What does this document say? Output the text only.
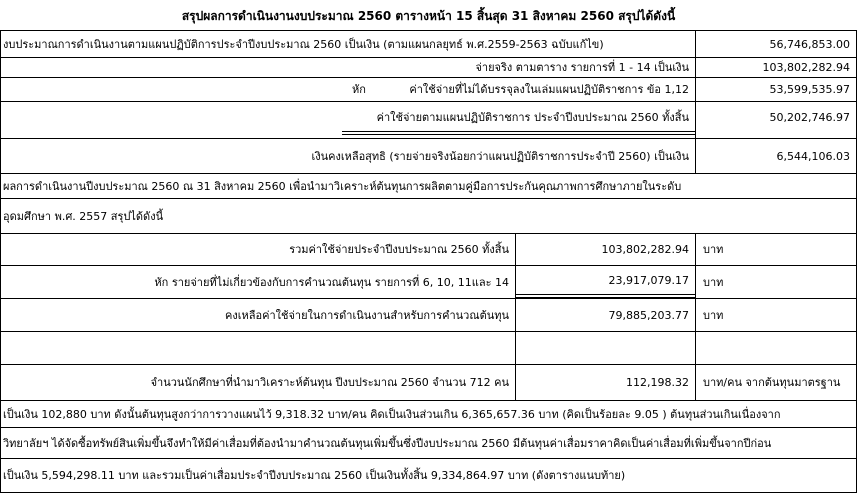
สรุปผลการดำเนินงานงบประมาณ 2560 ตารางหน้า 15 สิ้นสุด 31 สิงหาคม 2560 สรุปได้ดังนี้
งบประมาณการดำเนินงานตามแผนปฏิบัติการประจำปีงบประมาณ 2560 เป็นเงิน (ตามแผนกลยุทธ์ พ.ศ.2559-2563 ฉบับแก้ไข)	56,746,853.00
จ่ายจริง ตามตาราง รายการที่ 1 - 14 เป็นเงิน	103,802,282.94
หัก	ค่าใช้จ่ายที่ไม่ได้บรรจุลงในเล่มแผนปฏิบัติราชการ ข้อ 1,12	53,599,535.97
ค่าใช้จ่ายตามแผนปฏิบัติราชการ ประจำปีงบประมาณ 2560 ทั้งสิ้น	50,202,746.97
เงินคงเหลือสุทธิ (รายจ่ายจริงน้อยกว่าแผนปฏิบัติราชการประจำปี 2560) เป็นเงิน	6,544,106.03
ผลการดำเนินงานปีงบประมาณ 2560 ณ 31 สิงหาคม 2560 เพื่อนำมาวิเคราะห์ต้นทุนการผลิตตามคู่มือการประกันคุณภาพการศึกษาภายในระดับ
อุดมศึกษา พ.ศ. 2557 สรุปได้ดังนี้
รวมค่าใช้จ่ายประจำปีงบประมาณ 2560 ทั้งสิ้น	103,802,282.94	บาท
หัก รายจ่ายที่ไม่เกี่ยวข้องกับการคำนวณต้นทุน รายการที่ 6, 10, 11และ 14	23,917,079.17	บาท
คงเหลือค่าใช้จ่ายในการดำเนินงานสำหรับการคำนวณต้นทุน	79,885,203.77	บาท
จำนวนนักศึกษาที่นำมาวิเคราะห์ต้นทุน ปีงบประมาณ 2560 จำนวน 712 คน	112,198.32	บาท/คน จากต้นทุนมาตรฐาน
เป็นเงิน 102,880 บาท ดังนั้นต้นทุนสูงกว่าการวางแผนไว้ 9,318.32 บาท/คน คิดเป็นเงินส่วนเกิน 6,365,657.36 บาท (คิดเป็นร้อยละ 9.05 ) ต้นทุนส่วนเกินเนื่องจาก
วิทยาลัยฯ ได้จัดซื้อทรัพย์สินเพิ่มขึ้นจึงทำให้มีค่าเสื่อมที่ต้องนำมาคำนวณต้นทุนเพิ่มขึ้นซึ่งปีงบประมาณ 2560 มีต้นทุนค่าเสื่อมราคาคิดเป็นค่าเสื่อมที่เพิ่มขึ้นจากปีก่อน
เป็นเงิน 5,594,298.11 บาท และรวมเป็นค่าเสื่อมประจำปีงบประมาณ 2560 เป็นเงินทั้งสิ้น 9,334,864.97 บาท (ดังตารางแนบท้าย)
